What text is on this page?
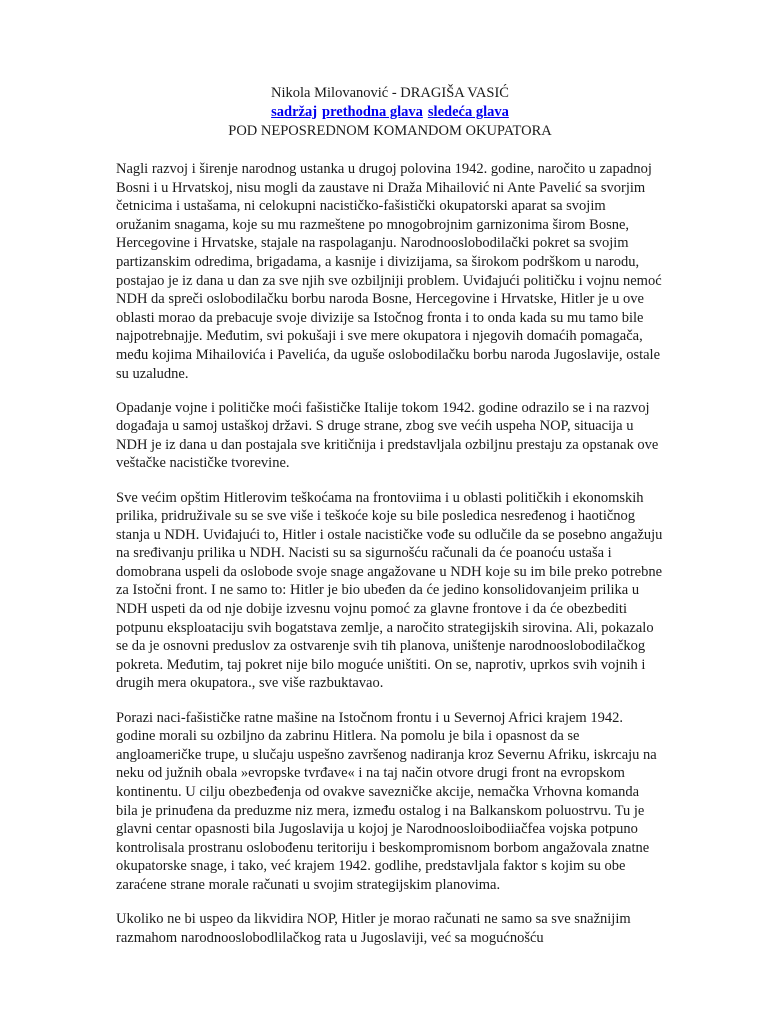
Nikola Milovanović - DRAGIŠA VASIĆ
sadržaj prethodna glava sledeća glava
POD NEPOSREDNOM KOMANDOM OKUPATORA

Nagli razvoj i širenje narodnog ustanka u drugoj polovina 1942. godine, naročito u zapadnoj Bosni i u Hrvatskoj, nisu mogli da zaustave ni Draža Mihailović ni Ante Pavelić sa svorjim četnicima i ustašama, ni celokupni nacističko-fašistički okupatorski aparat sa svojim oružanim snagama, koje su mu razmeštene po mnogobrojnim garnizonima širom Bosne, Hercegovine i Hrvatske, stajale na raspolaganju. Narodnooslobodilački pokret sa svojim partizanskim odredima, brigadama, a kasnije i divizijama, sa širokom podrškom u narodu, postajao je iz dana u dan za sve njih sve ozbiljniji problem. Uviđajući političku i vojnu nemoć NDH da spreči oslobodilačku borbu naroda Bosne, Hercegovine i Hrvatske, Hitler je u ove oblasti morao da prebacuje svoje divizije sa Istočnog fronta i to onda kada su mu tamo bile najpotrebnajje. Međutim, svi pokušaji i sve mere okupatora i njegovih domaćih pomagača, među kojima Mihailovića i Pavelića, da uguše oslobodilačku borbu naroda Jugoslavije, ostale su uzaludne.

Opadanje vojne i političke moći fašističke Italije tokom 1942. godine odrazilo se i na razvoj događaja u samoj ustaškoj državi. S druge strane, zbog sve većih uspeha NOP, situacija u NDH je iz dana u dan postajala sve kritičnija i predstavljala ozbiljnu prestaju za opstanak ove veštačke nacističke tvorevine.

Sve većim opštim Hitlerovim teškoćama na frontoviima i u oblasti političkih i ekonomskih prilika, pridruživale su se sve više i teškoće koje su bile posledica nesređenog i haotičnog stanja u NDH. Uviđajući to, Hitler i ostale nacističke vođe su odlučile da se posebno angažuju na sređivanju prilika u NDH. Nacisti su sa sigurnošću računali da će poanoću ustaša i domobrana uspeli da oslobode svoje snage angažovane u NDH koje su im bile preko potrebne za Istočni front. I ne samo to: Hitler je bio ubeđen da će jedino konsolidovanjeim prilika u NDH uspeti da od nje dobije izvesnu vojnu pomoć za glavne frontove i da će obezbediti potpunu eksploataciju svih bogatstava zemlje, a naročito strategijskih sirovina. Ali, pokazalo se da je osnovni preduslov za ostvarenje svih tih planova, uništenje narodnooslobodilačkog pokreta. Međutim, taj pokret nije bilo moguće uništiti. On se, naprotiv, uprkos svih vojnih i drugih mera okupatora., sve više razbuktavao.

Porazi naci-fašističke ratne mašine na Istočnom frontu i u Severnoj Africi krajem 1942. godine morali su ozbiljno da zabrinu Hitlera. Na pomolu je bila i opasnost da se angloameričke trupe, u slučaju uspešno završenog nadiranja kroz Severnu Afriku, iskrcaju na neku od južnih obala »evropske tvrđave« i na taj način otvore drugi front na evropskom kontinentu. U cilju obezbeđenja od ovakve savezničke akcije, nemačka Vrhovna komanda bila je prinuđena da preduzme niz mera, između ostalog i na Balkanskom poluostrvu. Tu je glavni centar opasnosti bila Jugoslavija u kojoj je Narodnoosloibodiiačfea vojska potpuno kontrolisala prostranu oslobođenu teritoriju i beskompromisnom borbom angažovala znatne okupatorske snage, i tako, već krajem 1942. godlihe, predstavljala faktor s kojim su obe zaraćene strane morale računati u svojim strategijskim planovima.

Ukoliko ne bi uspeo da likvidira NOP, Hitler je morao računati ne samo sa sve snažnijim razmahom narodnooslobodlilačkog rata u Jugoslaviji, već sa mogućnošću
